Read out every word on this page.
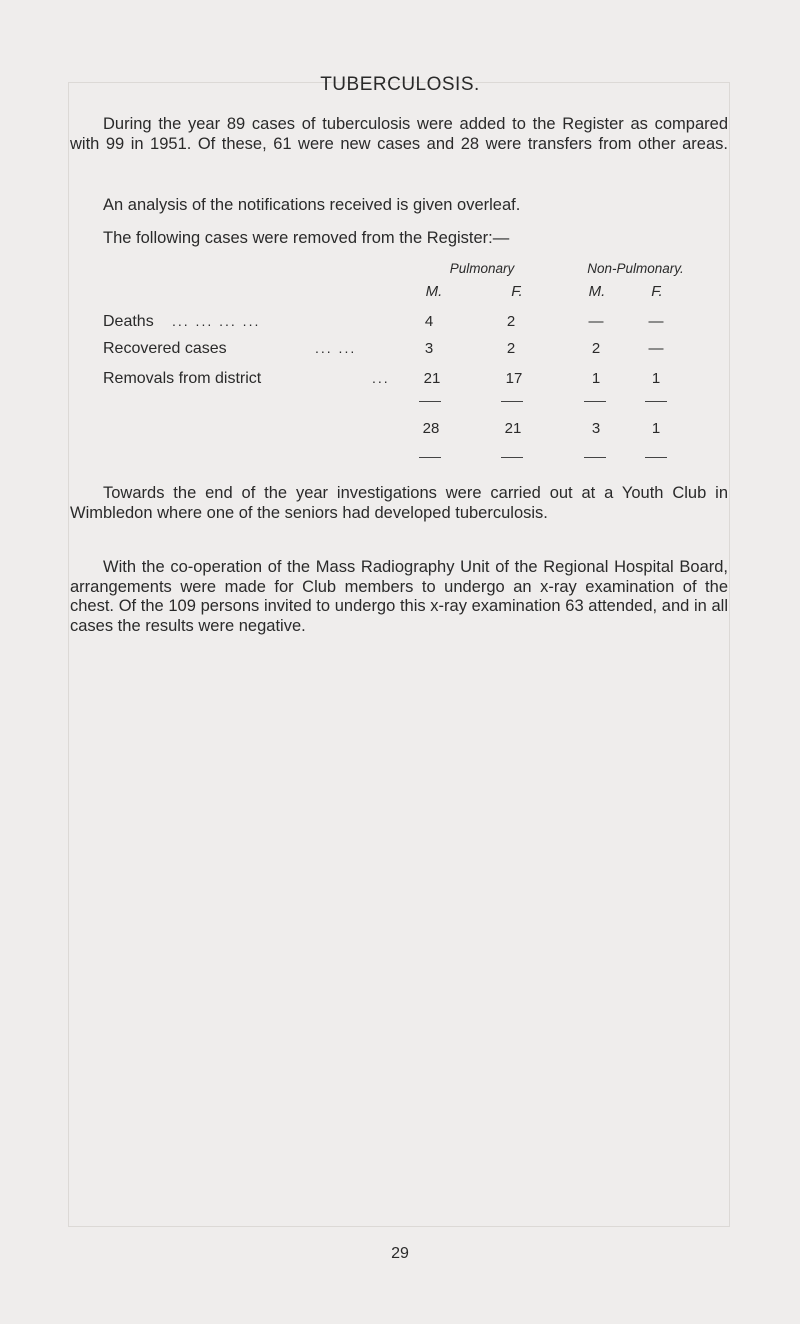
TUBERCULOSIS.
During the year 89 cases of tuberculosis were added to the Register as compared with 99 in 1951. Of these, 61 were new cases and 28 were transfers from other areas.
An analysis of the notifications received is given overleaf.
The following cases were removed from the Register:—
Pulmonary	Non-Pulmonary.
M.	F.	M.	F.
Deaths ... ... ... ...	4	2	—	—
Recovered cases	... ...	3	2	2	—
Removals from district	...	21	17	1	1
28	21	3	1
Towards the end of the year investigations were carried out at a Youth Club in Wimbledon where one of the seniors had developed tuberculosis.
With the co-operation of the Mass Radiography Unit of the Regional Hospital Board, arrangements were made for Club members to undergo an x-ray examination of the chest. Of the 109 persons invited to undergo this x-ray examination 63 attended, and in all cases the results were negative.
29
